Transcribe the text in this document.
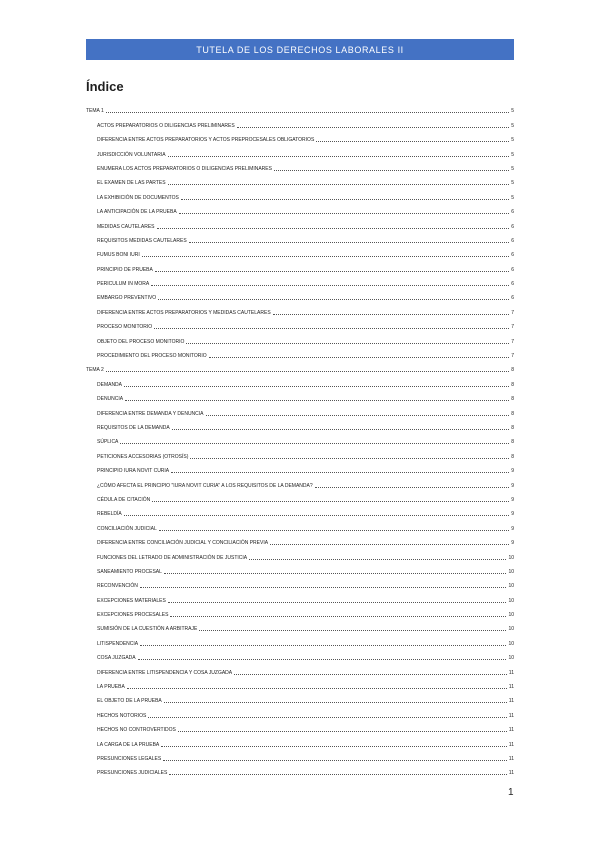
TUTELA DE LOS DERECHOS LABORALES II
Índice
TEMA 1	5
ACTOS PREPARATORIOS O DILIGENCIAS PRELIMINARES	5
DIFERENCIA ENTRE ACTOS PREPARATORIOS Y ACTOS PREPROCESALES OBLIGATORIOS	5
JURISDICCIÓN VOLUNTARIA	5
ENUMERA LOS ACTOS PREPARATORIOS O DILIGENCIAS PRELIMINARES	5
EL EXAMEN DE LAS PARTES	5
LA EXHIBICIÓN DE DOCUMENTOS	5
LA ANTICIPACIÓN DE LA PRUEBA	6
MEDIDAS CAUTELARES	6
REQUISITOS MEDIDAS CAUTELARES	6
FUMUS BONI IURI	6
PRINCIPIO DE PRUEBA	6
PERICULUM IN MORA	6
EMBARGO PREVENTIVO	6
DIFERENCIA ENTRE ACTOS PREPARATORIOS Y MEDIDAS CAUTELARES	7
PROCESO MONITORIO	7
OBJETO DEL PROCESO MONITORIO	7
PROCEDIMIENTO DEL PROCESO MONITORIO	7
TEMA 2	8
DEMANDA	8
DENUNCIA	8
DIFERENCIA ENTRE DEMANDA Y DENUNCIA	8
REQUISITOS DE LA DEMANDA	8
SÚPLICA	8
PETICIONES ACCESORIAS (OTROSÍS)	8
PRINCIPIO IURA NOVIT CURIA	9
¿CÓMO AFECTA EL PRINCIPIO "IURA NOVIT CURIA" A LOS REQUISITOS DE LA DEMANDA?	9
CÉDULA DE CITACIÓN	9
REBELDÍA	9
CONCILIACIÓN JUDICIAL	9
DIFERENCIA ENTRE CONCILIACIÓN JUDICIAL Y CONCILIACIÓN PREVIA	9
FUNCIONES DEL LETRADO DE ADMINISTRACIÓN DE JUSTICIA	10
SANEAMIENTO PROCESAL	10
RECONVENCIÓN	10
EXCEPCIONES MATERIALES	10
EXCEPCIONES PROCESALES	10
SUMISIÓN DE LA CUESTIÓN A ARBITRAJE	10
LITISPENDENCIA	10
COSA JUZGADA	10
DIFERENCIA ENTRE LITISPENDENCIA Y COSA JUZGADA	11
LA PRUEBA	11
EL OBJETO DE LA PRUEBA	11
HECHOS NOTORIOS	11
HECHOS NO CONTROVERTIDOS	11
LA CARGA DE LA PRUEBA	11
PRESUNCIONES LEGALES	11
PRESUNCIONES JUDICIALES	11
1
